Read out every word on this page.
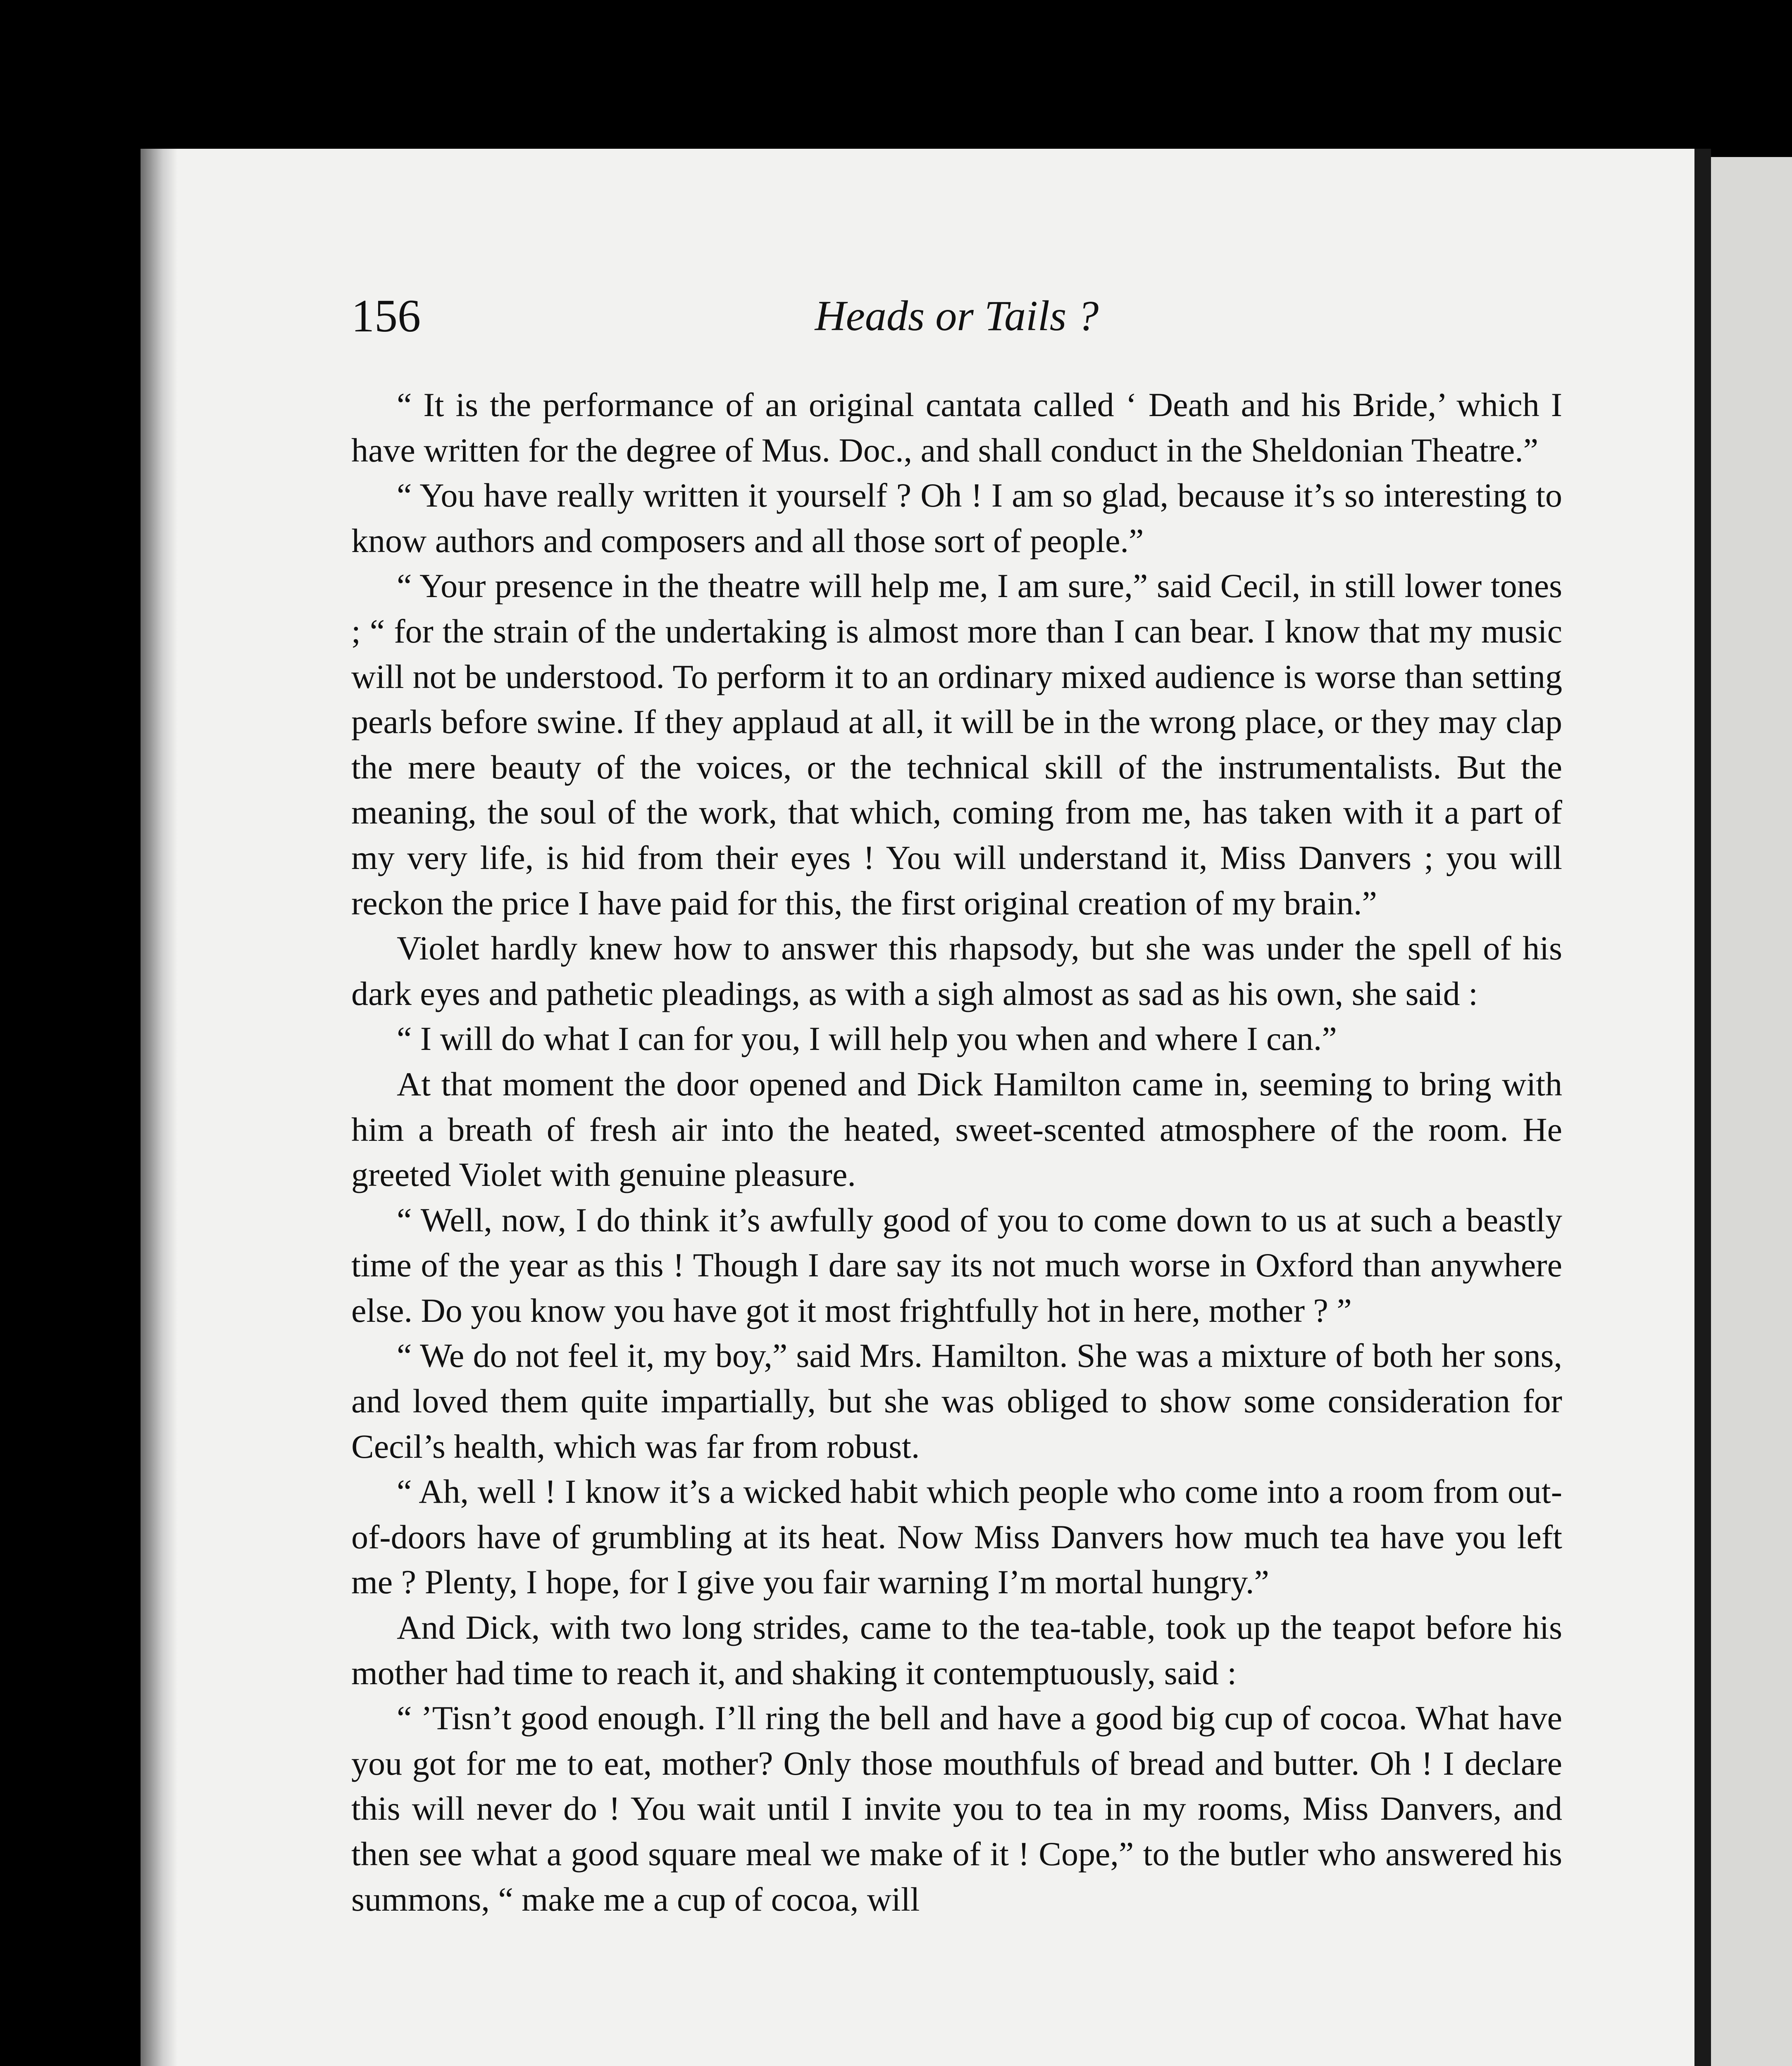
156	Heads or Tails ?

“ It is the performance of an original cantata called ‘ Death and his Bride,’ which I have written for the degree of Mus. Doc., and shall conduct in the Sheldonian Theatre.”

“ You have really written it yourself ? Oh ! I am so glad, because it’s so interesting to know authors and composers and all those sort of people.”

“ Your presence in the theatre will help me, I am sure,” said Cecil, in still lower tones ; “ for the strain of the undertaking is almost more than I can bear. I know that my music will not be understood. To perform it to an ordinary mixed audience is worse than setting pearls before swine. If they applaud at all, it will be in the wrong place, or they may clap the mere beauty of the voices, or the technical skill of the instrumentalists. But the meaning, the soul of the work, that which, coming from me, has taken with it a part of my very life, is hid from their eyes ! You will understand it, Miss Danvers ; you will reckon the price I have paid for this, the first original creation of my brain.”

Violet hardly knew how to answer this rhapsody, but she was under the spell of his dark eyes and pathetic pleadings, as with a sigh almost as sad as his own, she said :

“ I will do what I can for you, I will help you when and where I can.”

At that moment the door opened and Dick Hamilton came in, seeming to bring with him a breath of fresh air into the heated, sweet-scented atmosphere of the room. He greeted Violet with genuine pleasure.

“ Well, now, I do think it’s awfully good of you to come down to us at such a beastly time of the year as this ! Though I dare say its not much worse in Oxford than anywhere else. Do you know you have got it most frightfully hot in here, mother ? ”

“ We do not feel it, my boy,” said Mrs. Hamilton. She was a mixture of both her sons, and loved them quite impartially, but she was obliged to show some consideration for Cecil’s health, which was far from robust.

“ Ah, well ! I know it’s a wicked habit which people who come into a room from out-of-doors have of grumbling at its heat. Now Miss Danvers how much tea have you left me ? Plenty, I hope, for I give you fair warning I’m mortal hungry.”

And Dick, with two long strides, came to the tea-table, took up the teapot before his mother had time to reach it, and shaking it contemptuously, said :

“ ’Tisn’t good enough. I’ll ring the bell and have a good big cup of cocoa. What have you got for me to eat, mother? Only those mouthfuls of bread and butter. Oh ! I declare this will never do ! You wait until I invite you to tea in my rooms, Miss Danvers, and then see what a good square meal we make of it ! Cope,” to the butler who answered his summons, “ make me a cup of cocoa, will
